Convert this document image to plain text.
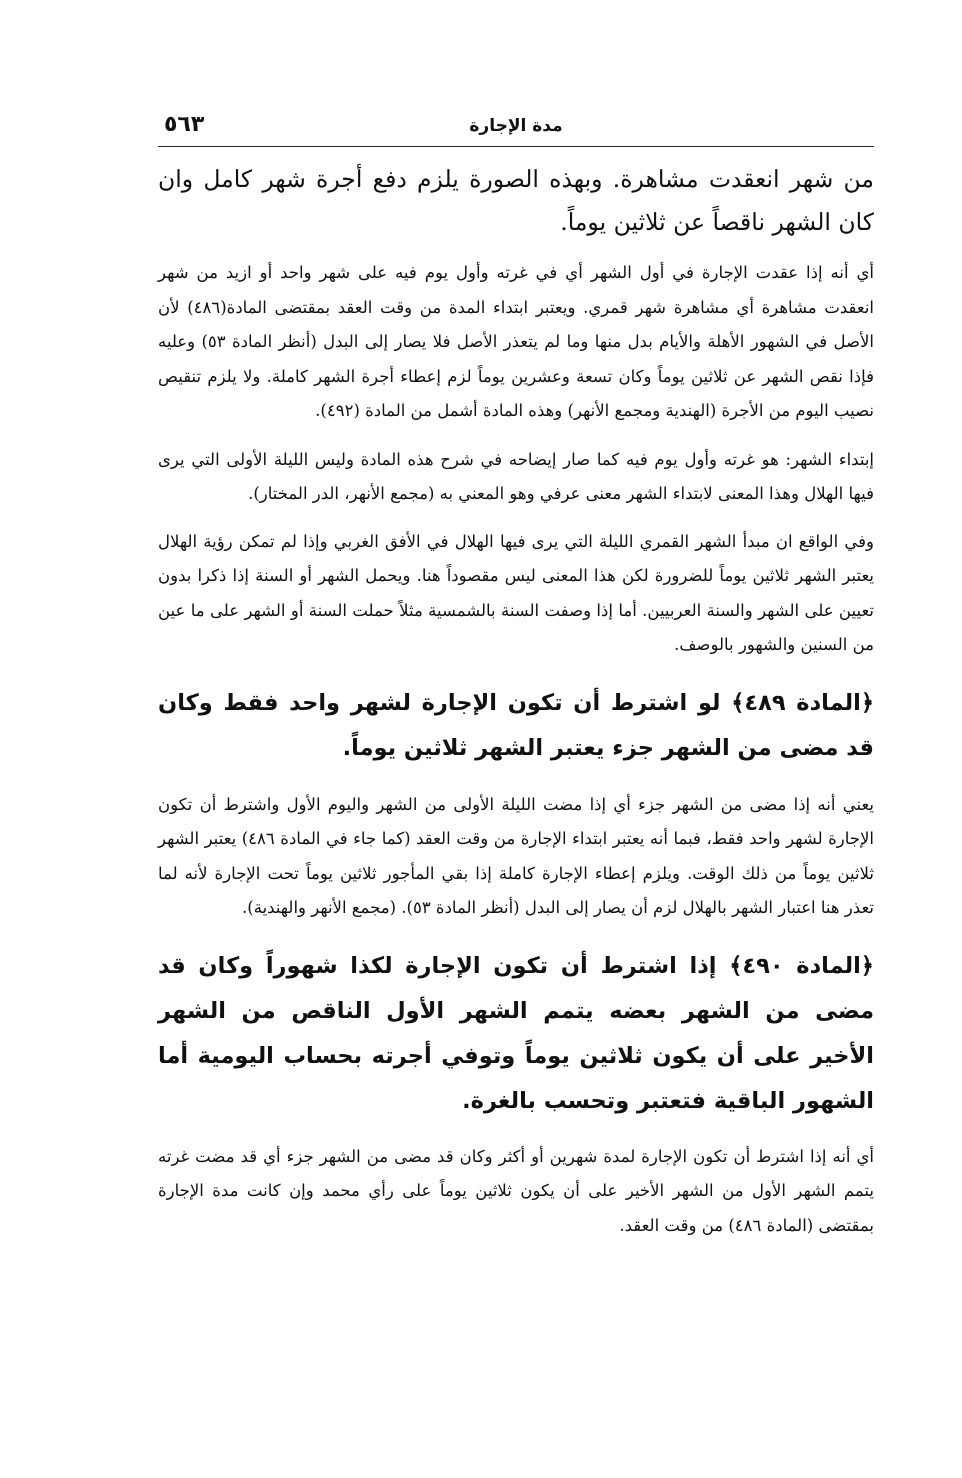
مدة الإجارة
٥٦٣

من شهر انعقدت مشاهرة. وبهذه الصورة يلزم دفع أجرة شهر كامل وان كان الشهر ناقصاً عن ثلاثين يوماً.

أي أنه إذا عقدت الإجارة في أول الشهر أي في غرته وأول يوم فيه على شهر واحد أو ازيد من شهر انعقدت مشاهرة أي مشاهرة شهر قمري. ويعتبر ابتداء المدة من وقت العقد بمقتضى المادة(٤٨٦) لأن الأصل في الشهور الأهلة والأيام بدل منها وما لم يتعذر الأصل فلا يصار إلى البدل (أنظر المادة ٥٣) وعليه فإذا نقص الشهر عن ثلاثين يوماً وكان تسعة وعشرين يوماً لزم إعطاء أجرة الشهر كاملة. ولا يلزم تنقيص نصيب اليوم من الأجرة (الهندية ومجمع الأنهر) وهذه المادة أشمل من المادة (٤٩٢).

إبتداء الشهر: هو غرته وأول يوم فيه كما صار إيضاحه في شرح هذه المادة وليس الليلة الأولى التي يرى فيها الهلال وهذا المعنى لابتداء الشهر معنى عرفي وهو المعني به (مجمع الأنهر، الدر المختار).

وفي الواقع ان مبدأ الشهر القمري الليلة التي يرى فيها الهلال في الأفق الغربي وإذا لم تمكن رؤية الهلال يعتبر الشهر ثلاثين يوماً للضرورة لكن هذا المعنى ليس مقصوداً هنا. ويحمل الشهر أو السنة إذا ذكرا بدون تعيين على الشهر والسنة العربيين. أما إذا وصفت السنة بالشمسية مثلاً حملت السنة أو الشهر على ما عين من السنين والشهور بالوصف.

﴿المادة ٤٨٩﴾ لو اشترط أن تكون الإجارة لشهر واحد فقط وكان قد مضى من الشهر جزء يعتبر الشهر ثلاثين يوماً.

يعني أنه إذا مضى من الشهر جزء أي إذا مضت الليلة الأولى من الشهر واليوم الأول واشترط أن تكون الإجارة لشهر واحد فقط، فبما أنه يعتبر ابتداء الإجارة من وقت العقد (كما جاء في المادة ٤٨٦) يعتبر الشهر ثلاثين يوماً من ذلك الوقت. ويلزم إعطاء الإجارة كاملة إذا بقي المأجور ثلاثين يوماً تحت الإجارة لأنه لما تعذر هنا اعتبار الشهر بالهلال لزم أن يصار إلى البدل (أنظر المادة ٥٣). (مجمع الأنهر والهندية).

﴿المادة ٤٩٠﴾ إذا اشترط أن تكون الإجارة لكذا شهوراً وكان قد مضى من الشهر بعضه يتمم الشهر الأول الناقص من الشهر الأخير على أن يكون ثلاثين يوماً وتوفي أجرته بحساب اليومية أما الشهور الباقية فتعتبر وتحسب بالغرة.

أي أنه إذا اشترط أن تكون الإجارة لمدة شهرين أو أكثر وكان قد مضى من الشهر جزء أي قد مضت غرته يتمم الشهر الأول من الشهر الأخير على أن يكون ثلاثين يوماً على رأي محمد وإن كانت مدة الإجارة بمقتضى (المادة ٤٨٦) من وقت العقد.
